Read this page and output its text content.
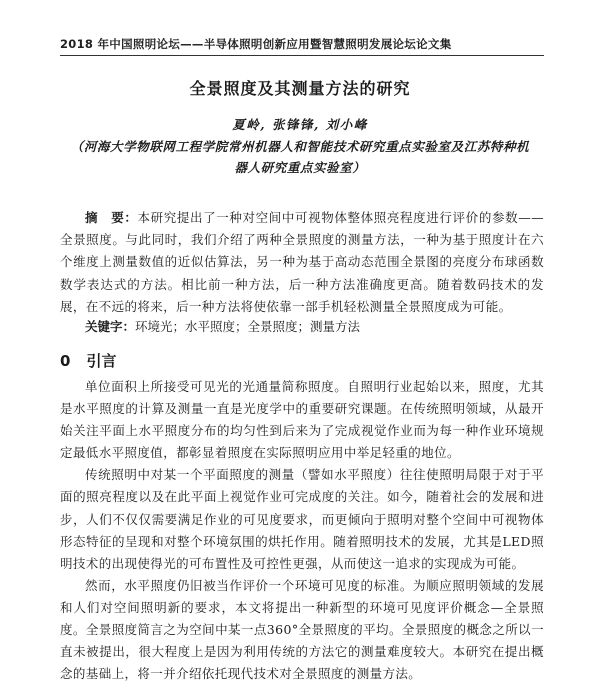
2018 年中国照明论坛——半导体照明创新应用暨智慧照明发展论坛论文集
全景照度及其测量方法的研究
夏岭, 张锋锋, 刘小峰
（河海大学物联网工程学院常州机器人和智能技术研究重点实验室及江苏特种机器人研究重点实验室）
摘　要：本研究提出了一种对空间中可视物体整体照亮程度进行评价的参数——全景照度。与此同时，我们介绍了两种全景照度的测量方法，一种为基于照度计在六个维度上测量数值的近似估算法，另一种为基于高动态范围全景图的亮度分布球函数数学表达式的方法。相比前一种方法，后一种方法准确度更高。随着数码技术的发展，在不远的将来，后一种方法将使依靠一部手机轻松测量全景照度成为可能。
关键字：环境光；水平照度；全景照度；测量方法
0 引言

单位面积上所接受可见光的光通量简称照度。自照明行业起始以来，照度，尤其是水平照度的计算及测量一直是光度学中的重要研究课题。在传统照明领域，从最开始关注平面上水平照度分布的均匀性到后来为了完成视觉作业而为每一种作业环境规定最低水平照度值，都彰显着照度在实际照明应用中举足轻重的地位。

传统照明中对某一个平面照度的测量（譬如水平照度）往往使照明局限于对于平面的照亮程度以及在此平面上视觉作业可完成度的关注。如今，随着社会的发展和进步，人们不仅仅需要满足作业的可见度要求，而更倾向于照明对整个空间中可视物体形态特征的呈现和对整个环境氛围的烘托作用。随着照明技术的发展，尤其是LED照明技术的出现使得光的可布置性及可控性更强，从而使这一追求的实现成为可能。

然而，水平照度仍旧被当作评价一个环境可见度的标准。为顺应照明领域的发展和人们对空间照明新的要求，本文将提出一种新型的环境可见度评价概念—全景照度。全景照度简言之为空间中某一点360°全景照度的平均。全景照度的概念之所以一直未被提出，很大程度上是因为利用传统的方法它的测量难度较大。本研究在提出概念的基础上，将一并介绍依托现代技术对全景照度的测量方法。
